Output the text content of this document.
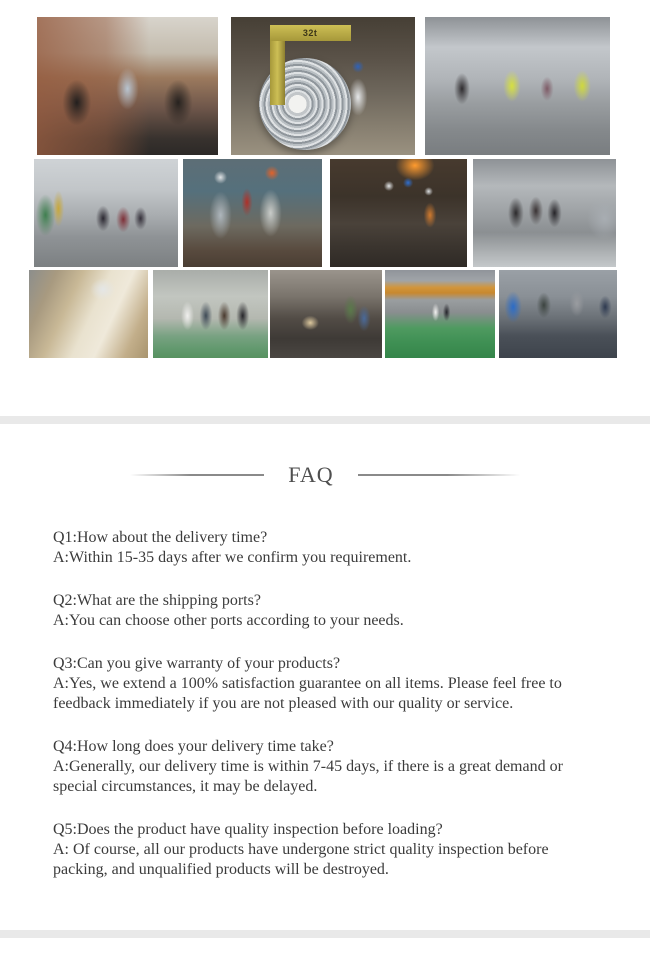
32t
FAQ

Q1:How about the delivery time?

A:Within 15-35 days after we confirm you requirement.

Q2:What are the shipping ports?

A:You can choose other ports according to your needs.

Q3:Can you give warranty of your products?

A:Yes, we extend a 100% satisfaction guarantee on all items. Please feel free to feedback immediately if you are not pleased with our quality or service.

Q4:How long does your delivery time take?

A:Generally, our delivery time is within 7-45 days, if there is a great demand or special circumstances, it may be delayed.

Q5:Does the product have quality inspection before loading?

A: Of course, all our products have undergone strict quality inspection before packing, and unqualified products will be destroyed.
